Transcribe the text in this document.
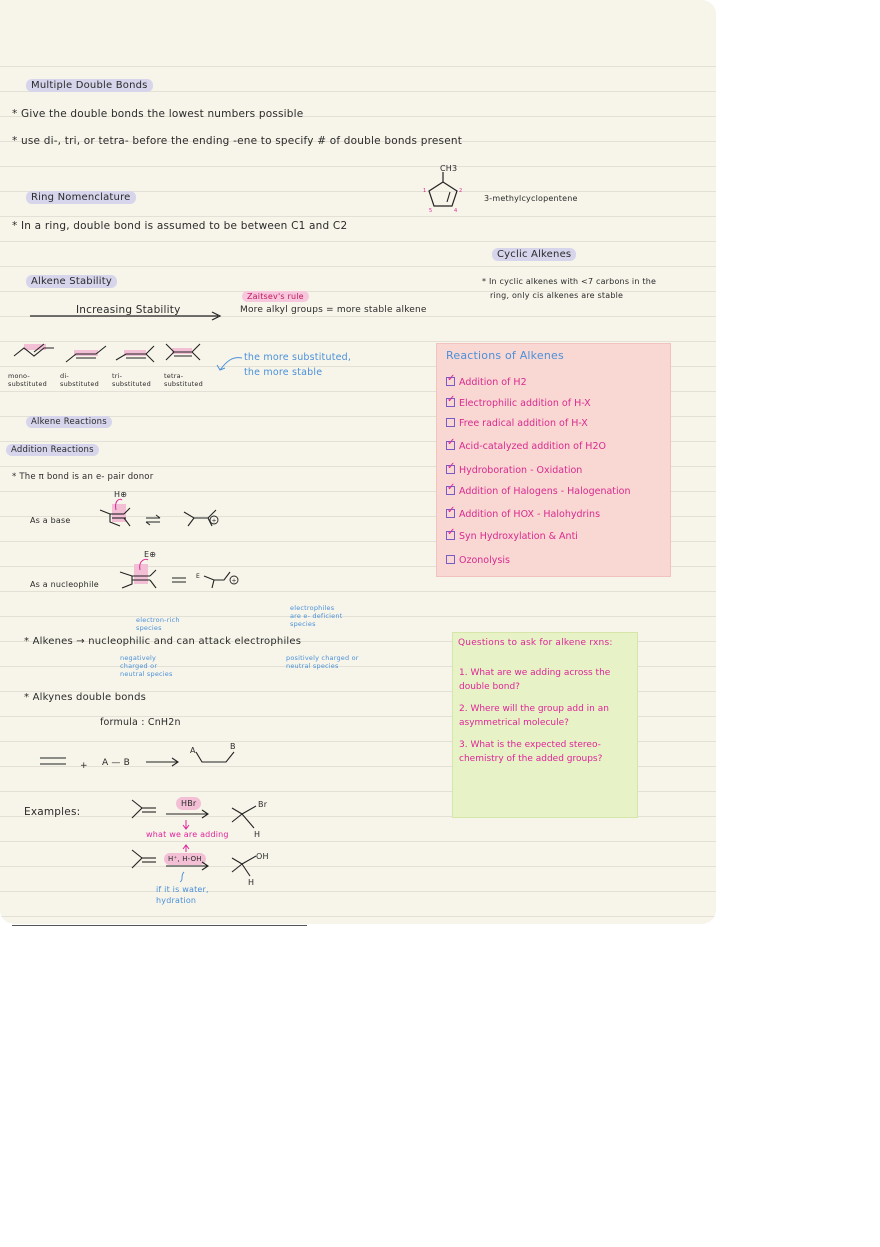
Multiple Double Bonds
* Give the double bonds the lowest numbers possible
* use di-, tri, or tetra- before the ending -ene to specify # of double bonds present
Ring Nomenclature
* In a ring, double bond is assumed to be between C1 and C2
CH3
1	2
5	4
3-methylcyclopentene
Cyclic Alkenes
* In cyclic alkenes with <7 carbons in the
ring, only cis alkenes are stable
Alkene Stability
Increasing Stability
Zaitsev's rule
More alkyl groups = more stable alkene
mono-
substituted
di-
substituted
tri-
substituted
tetra-
substituted
the more substituted,
the more stable
Alkene Reactions
Addition Reactions
* The π bond is an e- pair donor
As a base
H⊕
+
As a nucleophile
E⊕
E
+
electron-rich
species
electrophiles
are e- deficient
species
* Alkenes → nucleophilic and can attack electrophiles
negatively
charged or
neutral species
positively charged or
neutral species
* Alkynes double bonds
formula : CnH2n
A	B
+ A — B
Examples:
HBr	Br
H
what we are adding
H⁺, H-OH	OH
H
if it is water,
hydration
Reactions of Alkenes
✓Addition of H2
✓Electrophilic addition of H-X
Free radical addition of H-X
✓Acid-catalyzed addition of H2O
✓Hydroboration - Oxidation
✓Addition of Halogens - Halogenation
✓Addition of HOX - Halohydrins
✓Syn Hydroxylation & Anti
Ozonolysis
Questions to ask for alkene rxns:
1. What are we adding across the double bond?
2. Where will the group add in an asymmetrical molecule?
3. What is the expected stereo-chemistry of the added groups?
